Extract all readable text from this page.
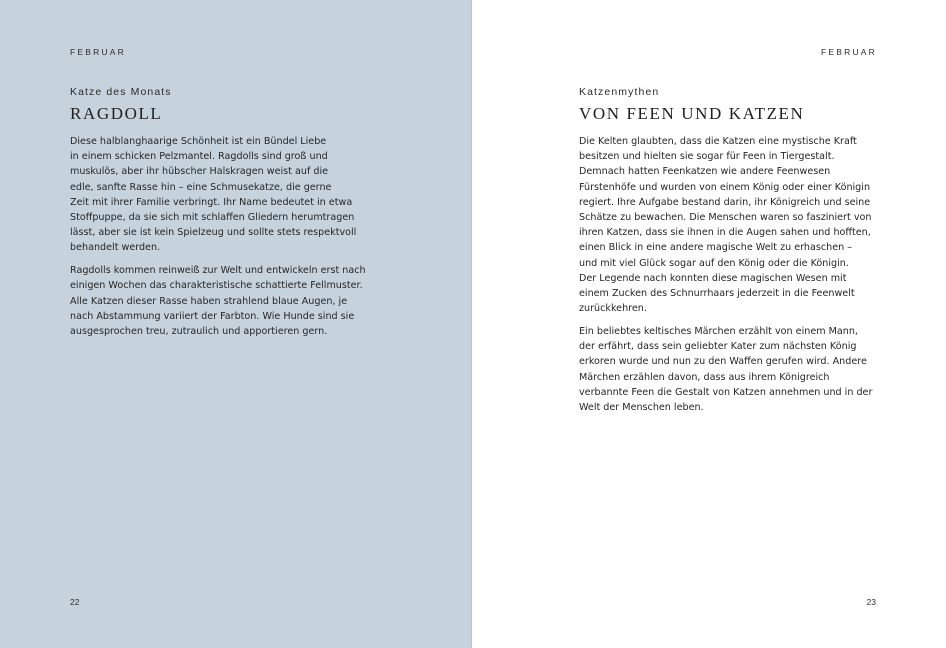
FEBRUAR
Katze des Monats
RAGDOLL

Diese halblanghaarige Schönheit ist ein Bündel Liebe
in einem schicken Pelzmantel. Ragdolls sind groß und
muskulös, aber ihr hübscher Halskragen weist auf die
edle, sanfte Rasse hin – eine Schmusekatze, die gerne
Zeit mit ihrer Familie verbringt. Ihr Name bedeutet in etwa
Stoffpuppe, da sie sich mit schlaffen Gliedern herumtragen
lässt, aber sie ist kein Spielzeug und sollte stets respektvoll
behandelt werden.

Ragdolls kommen reinweiß zur Welt und entwickeln erst nach
einigen Wochen das charakteristische schattierte Fellmuster.
Alle Katzen dieser Rasse haben strahlend blaue Augen, je
nach Abstammung variiert der Farbton. Wie Hunde sind sie
ausgesprochen treu, zutraulich und apportieren gern.

22
FEBRUAR
Katzenmythen
VON FEEN UND KATZEN

Die Kelten glaubten, dass die Katzen eine mystische Kraft
besitzen und hielten sie sogar für Feen in Tiergestalt.
Demnach hatten Feenkatzen wie andere Feenwesen
Fürstenhöfe und wurden von einem König oder einer Königin
regiert. Ihre Aufgabe bestand darin, ihr Königreich und seine
Schätze zu bewachen. Die Menschen waren so fasziniert von
ihren Katzen, dass sie ihnen in die Augen sahen und hofften,
einen Blick in eine andere magische Welt zu erhaschen –
und mit viel Glück sogar auf den König oder die Königin.
Der Legende nach konnten diese magischen Wesen mit
einem Zucken des Schnurrhaars jederzeit in die Feenwelt
zurückkehren.

Ein beliebtes keltisches Märchen erzählt von einem Mann,
der erfährt, dass sein geliebter Kater zum nächsten König
erkoren wurde und nun zu den Waffen gerufen wird. Andere
Märchen erzählen davon, dass aus ihrem Königreich
verbannte Feen die Gestalt von Katzen annehmen und in der
Welt der Menschen leben.

23
